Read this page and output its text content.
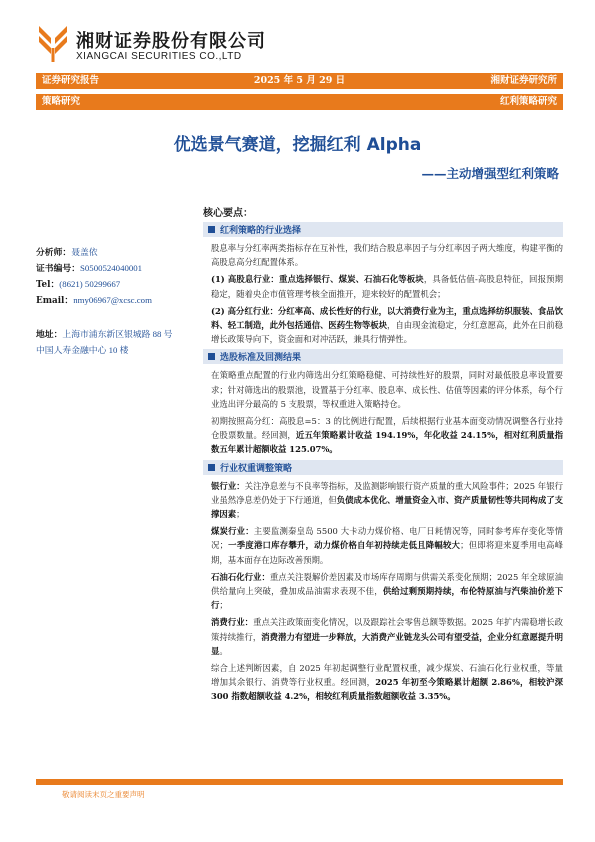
湘财证券股份有限公司
XIANGCAI SECURITIES CO.,LTD
证券研究报告	2025 年 5 月 29 日	湘财证券研究所
策略研究	红利策略研究
优选景气赛道，挖掘红利 Alpha
——主动增强型红利策略
分析师：聂盖依
证书编号：S0500524040001
Tel：(8621) 50299667
Email：nmy06967@xcsc.com
地址：上海市浦东新区银城路 88 号
中国人寿金融中心 10 楼
核心要点：
红利策略的行业选择

股息率与分红率两类指标存在互补性，我们结合股息率因子与分红率因子两大维度，构建平衡的高股息高分红配置体系。

(1) 高股息行业：重点选择银行、煤炭、石油石化等板块，具备低估值-高股息特征，回报预期稳定，随着央企市值管理考核全面推开，迎来较好的配置机会；

(2) 高分红行业：分红率高、成长性好的行业，以大消费行业为主，重点选择纺织服装、食品饮料、轻工制造，此外包括通信、医药生物等板块，自由现金流稳定，分红意愿高，此外在日前稳增长政策导向下，资金面和对冲活跃，兼具行情弹性。

选股标准及回测结果

在策略重点配置的行业内筛选出分红策略稳健、可持续性好的股票，同时对最低股息率设置要求；针对筛选出的股票池，设置基于分红率、股息率、成长性、估值等因素的评分体系，每个行业选出评分最高的 5 支股票，等权重进入策略持仓。

初期按照高分红：高股息=5：3 的比例进行配置，后续根据行业基本面变动情况调整各行业持仓股票数量。经回测，近五年策略累计收益 194.19%，年化收益 24.15%，相对红利质量指数五年累计超额收益 125.07%。

行业权重调整策略

银行业：关注净息差与不良率等指标，及监测影响银行资产质量的重大风险事件；2025 年银行业虽然净息差仍处于下行通道，但负债成本优化、增量资金入市、资产质量韧性等共同构成了支撑因素；

煤炭行业：主要监测秦皇岛 5500 大卡动力煤价格、电厂日耗情况等，同时参考库存变化等情况；一季度港口库存攀升，动力煤价格自年初持续走低且降幅较大；但即将迎来夏季用电高峰期，基本面存在边际改善预期。

石油石化行业：重点关注裂解价差因素及市场库存周期与供需关系变化预期；2025 年全球原油供给量向上突破，叠加成品油需求表现不佳，供给过剩预期持续，布伦特原油与汽柴油价差下行；

消费行业：重点关注政策面变化情况，以及跟踪社会零售总额等数据。2025 年扩内需稳增长政策持续推行，消费潜力有望进一步释放，大消费产业链龙头公司有望受益，企业分红意愿提升明显。

综合上述判断因素，自 2025 年初起调整行业配置权重，减少煤炭、石油石化行业权重，等量增加其余银行、消费等行业权重。经回测，2025 年初至今策略累计超额 2.86%，相较沪深 300 指数超额收益 4.2%，相较红利质量指数超额收益 3.35%。

敬请阅读末页之重要声明
